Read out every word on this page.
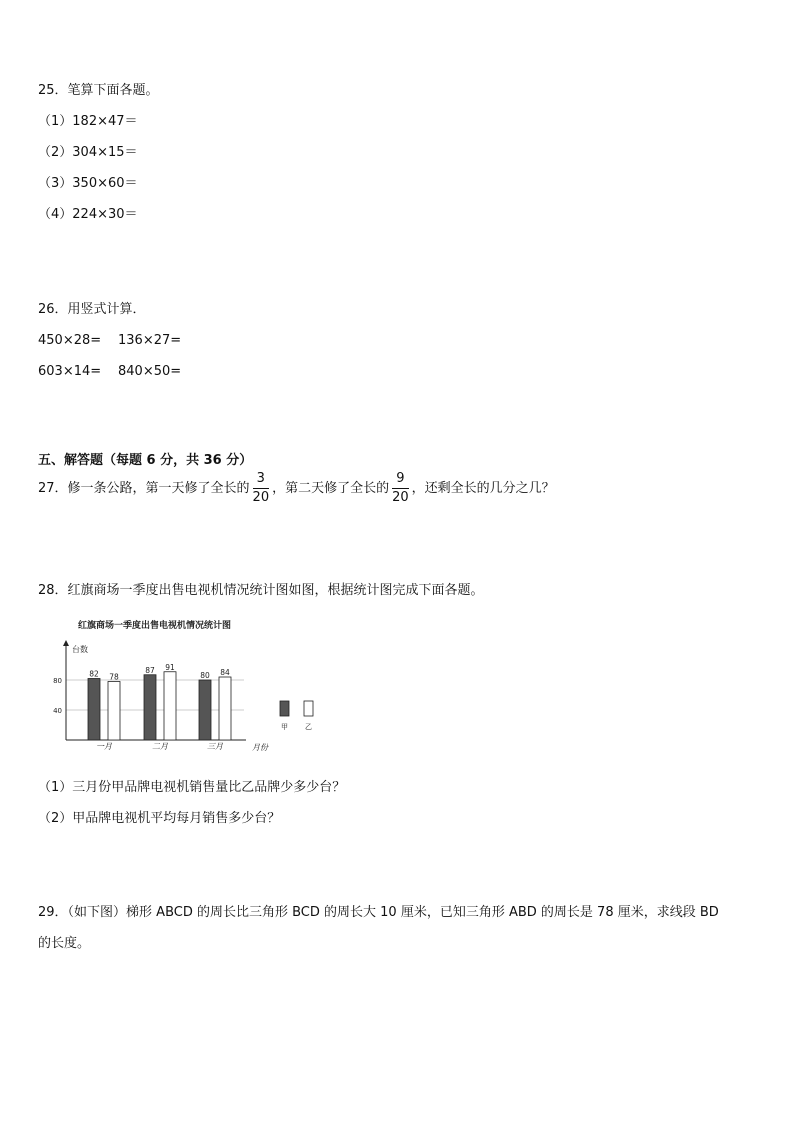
25．笔算下面各题。
（1）182×47＝
（2）304×15＝
（3）350×60＝
（4）224×30＝
26．用竖式计算．
450×28= 136×27=
603×14= 840×50=
五、解答题（每题 6 分，共 36 分）
27．修一条公路，第一天修了全长的 $\frac{3}{20}$ ，第二天修了全长的 $\frac{9}{20}$ ，还剩全长的几分之几？
28．红旗商场一季度出售电视机情况统计图如图，根据统计图完成下面各题。
红旗商场一季度出售电视机情况统计图
40
80
台数
月份
82 78
一月
87 91
二月
80 84
三月
甲 乙
（1）三月份甲品牌电视机销售量比乙品牌少多少台？
（2）甲品牌电视机平均每月销售多少台？
29．（如下图）梯形 ABCD 的周长比三角形 BCD 的周长大 10 厘米，已知三角形 ABD 的周长是 78 厘米，求线段 BD
的长度。
